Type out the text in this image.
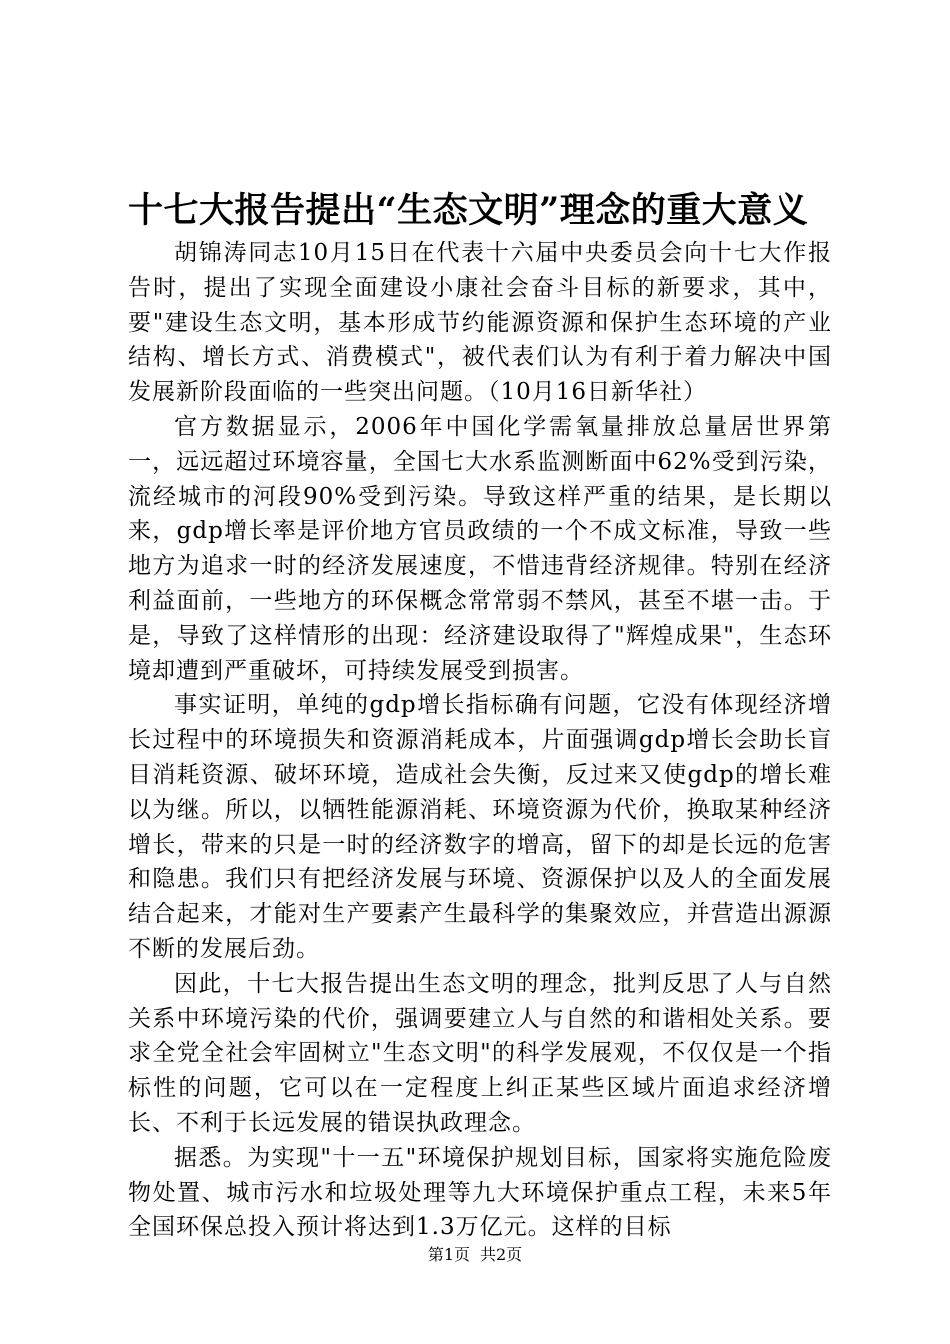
十七大报告提出“生态文明”理念的重大意义

胡锦涛同志10月15日在代表十六届中央委员会向十七大作报告时，提出了实现全面建设小康社会奋斗目标的新要求，其中，要"建设生态文明，基本形成节约能源资源和保护生态环境的产业结构、增长方式、消费模式"，被代表们认为有利于着力解决中国发展新阶段面临的一些突出问题。（10月16日新华社）

官方数据显示，2006年中国化学需氧量排放总量居世界第一，远远超过环境容量，全国七大水系监测断面中62%受到污染，流经城市的河段90%受到污染。导致这样严重的结果，是长期以来，gdp增长率是评价地方官员政绩的一个不成文标准，导致一些地方为追求一时的经济发展速度，不惜违背经济规律。特别在经济利益面前，一些地方的环保概念常常弱不禁风，甚至不堪一击。于是，导致了这样情形的出现：经济建设取得了"辉煌成果"，生态环境却遭到严重破坏，可持续发展受到损害。

事实证明，单纯的gdp增长指标确有问题，它没有体现经济增长过程中的环境损失和资源消耗成本，片面强调gdp增长会助长盲目消耗资源、破坏环境，造成社会失衡，反过来又使gdp的增长难以为继。所以，以牺牲能源消耗、环境资源为代价，换取某种经济增长，带来的只是一时的经济数字的增高，留下的却是长远的危害和隐患。我们只有把经济发展与环境、资源保护以及人的全面发展结合起来，才能对生产要素产生最科学的集聚效应，并营造出源源不断的发展后劲。

因此，十七大报告提出生态文明的理念，批判反思了人与自然关系中环境污染的代价，强调要建立人与自然的和谐相处关系。要求全党全社会牢固树立"生态文明"的科学发展观，不仅仅是一个指标性的问题，它可以在一定程度上纠正某些区域片面追求经济增长、不利于长远发展的错误执政理念。

据悉。为实现"十一五"环境保护规划目标，国家将实施危险废物处置、城市污水和垃圾处理等九大环境保护重点工程，未来5年全国环保总投入预计将达到1.3万亿元。这样的目标

第1页 共2页
